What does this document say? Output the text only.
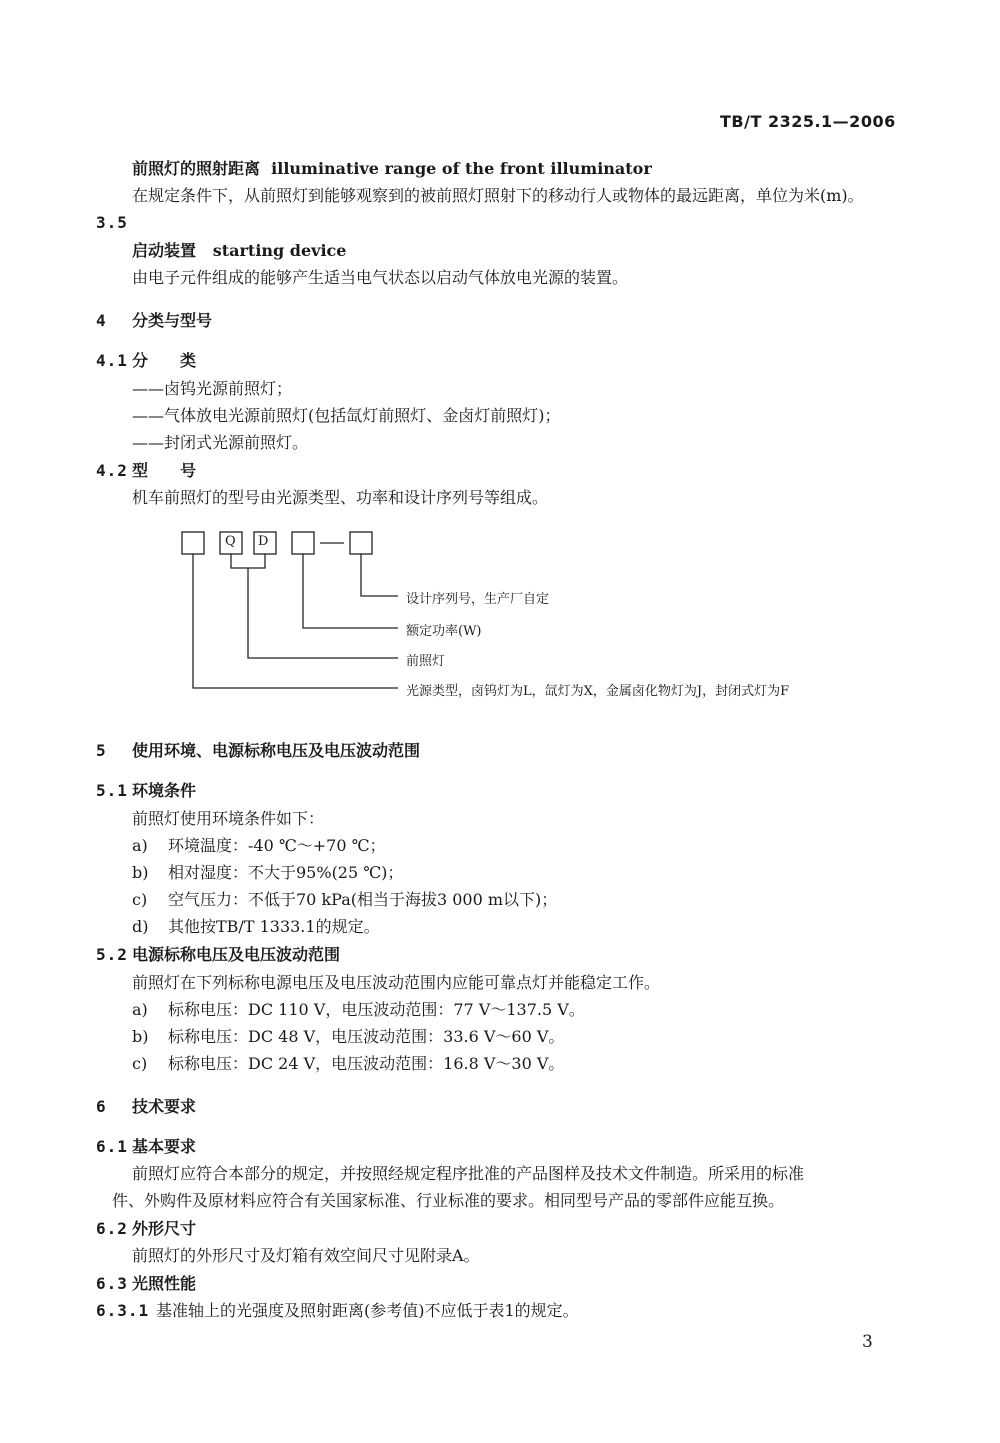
TB/T 2325.1—2006
前照灯的照射距离 illuminative range of the front illuminator
在规定条件下，从前照灯到能够观察到的被前照灯照射下的移动行人或物体的最远距离，单位为米(m)。
3.5
启动装置 starting device
由电子元件组成的能够产生适当电气状态以启动气体放电光源的装置。
4 分类与型号
4.1 分　　类
——卤钨光源前照灯；
——气体放电光源前照灯(包括氙灯前照灯、金卤灯前照灯)；
——封闭式光源前照灯。
4.2 型　　号
机车前照灯的型号由光源类型、功率和设计序列号等组成。
Q D
设计序列号，生产厂自定
额定功率(W)
前照灯
光源类型，卤钨灯为L，氙灯为X，金属卤化物灯为J，封闭式灯为F
5 使用环境、电源标称电压及电压波动范围
5.1 环境条件
前照灯使用环境条件如下：
a) 环境温度：-40 ℃～+70 ℃；
b) 相对湿度：不大于95%(25 ℃)；
c) 空气压力：不低于70 kPa(相当于海拔3 000 m以下)；
d) 其他按TB/T 1333.1的规定。
5.2 电源标称电压及电压波动范围
前照灯在下列标称电源电压及电压波动范围内应能可靠点灯并能稳定工作。
a) 标称电压：DC 110 V，电压波动范围：77 V～137.5 V。
b) 标称电压：DC 48 V，电压波动范围：33.6 V～60 V。
c) 标称电压：DC 24 V，电压波动范围：16.8 V～30 V。
6 技术要求
6.1 基本要求
前照灯应符合本部分的规定，并按照经规定程序批准的产品图样及技术文件制造。所采用的标准
件、外购件及原材料应符合有关国家标准、行业标准的要求。相同型号产品的零部件应能互换。
6.2 外形尺寸
前照灯的外形尺寸及灯箱有效空间尺寸见附录A。
6.3 光照性能
6.3.1 基准轴上的光强度及照射距离(参考值)不应低于表1的规定。
3
